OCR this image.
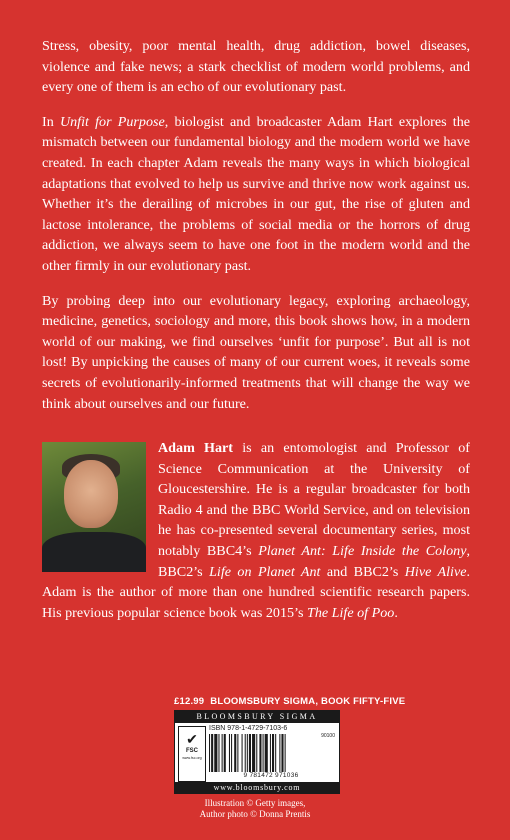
Stress, obesity, poor mental health, drug addiction, bowel diseases, violence and fake news; a stark checklist of modern world problems, and every one of them is an echo of our evolutionary past.

In Unfit for Purpose, biologist and broadcaster Adam Hart explores the mismatch between our fundamental biology and the modern world we have created. In each chapter Adam reveals the many ways in which biological adaptations that evolved to help us survive and thrive now work against us. Whether it’s the derailing of microbes in our gut, the rise of gluten and lactose intolerance, the problems of social media or the horrors of drug addiction, we always seem to have one foot in the modern world and the other firmly in our evolutionary past.

By probing deep into our evolutionary legacy, exploring archaeology, medicine, genetics, sociology and more, this book shows how, in a modern world of our making, we find ourselves ‘unfit for purpose’. But all is not lost! By unpicking the causes of many of our current woes, it reveals some secrets of evolutionarily-informed treatments that will change the way we think about ourselves and our future.

Adam Hart is an entomologist and Professor of Science Communication at the University of Gloucestershire. He is a regular broadcaster for both Radio 4 and the BBC World Service, and on television he has co-presented several documentary series, most notably BBC4’s Planet Ant: Life Inside the Colony, BBC2’s Life on Planet Ant and BBC2’s Hive Alive. Adam is the author of more than one hundred scientific research papers. His previous popular science book was 2015’s The Life of Poo.
£12.99 BLOOMSBURY SIGMA, BOOK FIFTY-FIVE
BLOOMSBURY SIGMA
✔
FSC
www.fsc.org
ISBN 978-1-4729-7103-6
90100
9 781472 971036
www.bloomsbury.com
Illustration © Getty images,
Author photo © Donna Prentis
